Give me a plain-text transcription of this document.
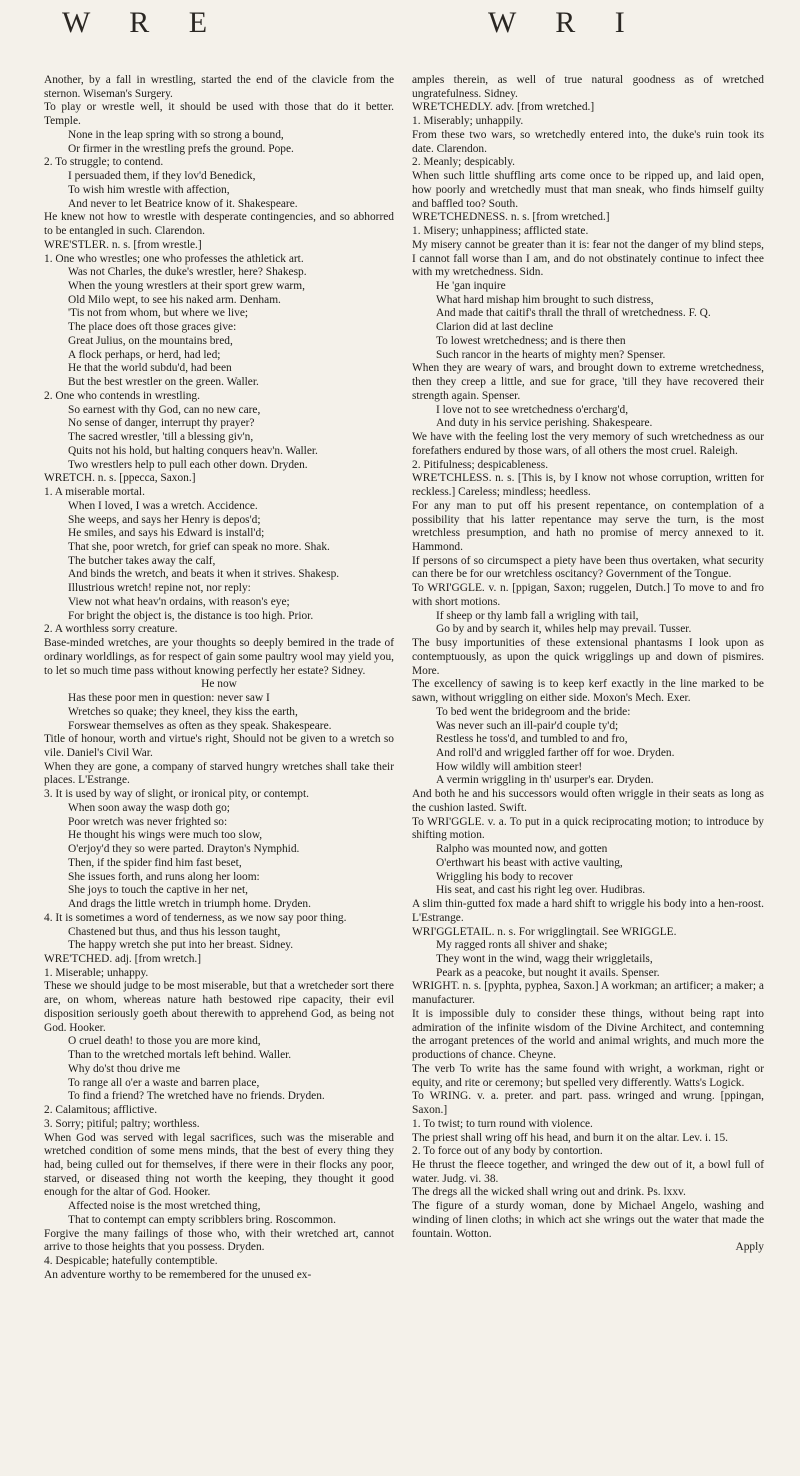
W R E	W R I

Another, by a fall in wrestling, started the end of the clavicle from the sternon. Wiseman's Surgery.

To play or wrestle well, it should be used with those that do it better. Temple.

None in the leap spring with so strong a bound,

Or firmer in the wrestling prefs the ground. Pope.

2. To struggle; to contend.

I persuaded them, if they lov'd Benedick,

To wish him wrestle with affection,

And never to let Beatrice know of it. Shakespeare.

He knew not how to wrestle with desperate contingencies, and so abhorred to be entangled in such. Clarendon.

WRE'STLER. n. s. [from wrestle.]

1. One who wrestles; one who professes the athletick art.

Was not Charles, the duke's wrestler, here? Shakesp.

When the young wrestlers at their sport grew warm,

Old Milo wept, to see his naked arm. Denham.

'Tis not from whom, but where we live;

The place does oft those graces give:

Great Julius, on the mountains bred,

A flock perhaps, or herd, had led;

He that the world subdu'd, had been

But the best wrestler on the green. Waller.

2. One who contends in wrestling.

So earnest with thy God, can no new care,

No sense of danger, interrupt thy prayer?

The sacred wrestler, 'till a blessing giv'n,

Quits not his hold, but halting conquers heav'n. Waller.

Two wrestlers help to pull each other down. Dryden.

WRETCH. n. s. [ppecca, Saxon.]

1. A miserable mortal.

When I loved, I was a wretch. Accidence.

She weeps, and says her Henry is depos'd;

He smiles, and says his Edward is install'd;

That she, poor wretch, for grief can speak no more. Shak.

The butcher takes away the calf,

And binds the wretch, and beats it when it strives. Shakesp.

Illustrious wretch! repine not, nor reply:

View not what heav'n ordains, with reason's eye;

For bright the object is, the distance is too high. Prior.

2. A worthless sorry creature.

Base-minded wretches, are your thoughts so deeply bemired in the trade of ordinary worldlings, as for respect of gain some paultry wool may yield you, to let so much time pass without knowing perfectly her estate? Sidney.

He now

Has these poor men in question: never saw I

Wretches so quake; they kneel, they kiss the earth,

Forswear themselves as often as they speak. Shakespeare.

Title of honour, worth and virtue's right, Should not be given to a wretch so vile. Daniel's Civil War.

When they are gone, a company of starved hungry wretches shall take their places. L'Estrange.

3. It is used by way of slight, or ironical pity, or contempt.

When soon away the wasp doth go;

Poor wretch was never frighted so:

He thought his wings were much too slow,

O'erjoy'd they so were parted. Drayton's Nymphid.

Then, if the spider find him fast beset,

She issues forth, and runs along her loom:

She joys to touch the captive in her net,

And drags the little wretch in triumph home. Dryden.

4. It is sometimes a word of tenderness, as we now say poor thing.

Chastened but thus, and thus his lesson taught,

The happy wretch she put into her breast. Sidney.

WRE'TCHED. adj. [from wretch.]

1. Miserable; unhappy.

These we should judge to be most miserable, but that a wretcheder sort there are, on whom, whereas nature hath bestowed ripe capacity, their evil disposition seriously goeth about therewith to apprehend God, as being not God. Hooker.

O cruel death! to those you are more kind,

Than to the wretched mortals left behind. Waller.

Why do'st thou drive me

To range all o'er a waste and barren place,

To find a friend? The wretched have no friends. Dryden.

2. Calamitous; afflictive.

3. Sorry; pitiful; paltry; worthless.

When God was served with legal sacrifices, such was the miserable and wretched condition of some mens minds, that the best of every thing they had, being culled out for themselves, if there were in their flocks any poor, starved, or diseased thing not worth the keeping, they thought it good enough for the altar of God. Hooker.

Affected noise is the most wretched thing,

That to contempt can empty scribblers bring. Roscommon.

Forgive the many failings of those who, with their wretched art, cannot arrive to those heights that you possess. Dryden.

4. Despicable; hatefully contemptible.

An adventure worthy to be remembered for the unused ex-

amples therein, as well of true natural goodness as of wretched ungratefulness. Sidney.

WRE'TCHEDLY. adv. [from wretched.]

1. Miserably; unhappily.

From these two wars, so wretchedly entered into, the duke's ruin took its date. Clarendon.

2. Meanly; despicably.

When such little shuffling arts come once to be ripped up, and laid open, how poorly and wretchedly must that man sneak, who finds himself guilty and baffled too? South.

WRE'TCHEDNESS. n. s. [from wretched.]

1. Misery; unhappiness; afflicted state.

My misery cannot be greater than it is: fear not the danger of my blind steps, I cannot fall worse than I am, and do not obstinately continue to infect thee with my wretchedness. Sidn.

He 'gan inquire

What hard mishap him brought to such distress,

And made that caitif's thrall the thrall of wretchedness. F. Q.

Clarion did at last decline

To lowest wretchedness; and is there then

Such rancor in the hearts of mighty men? Spenser.

When they are weary of wars, and brought down to extreme wretchedness, then they creep a little, and sue for grace, 'till they have recovered their strength again. Spenser.

I love not to see wretchedness o'ercharg'd,

And duty in his service perishing. Shakespeare.

We have with the feeling lost the very memory of such wretchedness as our forefathers endured by those wars, of all others the most cruel. Raleigh.

2. Pitifulness; despicableness.

WRE'TCHLESS. n. s. [This is, by I know not whose corruption, written for reckless.] Careless; mindless; heedless.

For any man to put off his present repentance, on contemplation of a possibility that his latter repentance may serve the turn, is the most wretchless presumption, and hath no promise of mercy annexed to it. Hammond.

If persons of so circumspect a piety have been thus overtaken, what security can there be for our wretchless oscitancy? Government of the Tongue.

To WRI'GGLE. v. n. [ppigan, Saxon; ruggelen, Dutch.] To move to and fro with short motions.

If sheep or thy lamb fall a wrigling with tail,

Go by and by search it, whiles help may prevail. Tusser.

The busy importunities of these extensional phantasms I look upon as contemptuously, as upon the quick wrigglings up and down of pismires. More.

The excellency of sawing is to keep kerf exactly in the line marked to be sawn, without wriggling on either side. Moxon's Mech. Exer.

To bed went the bridegroom and the bride:

Was never such an ill-pair'd couple ty'd;

Restless he toss'd, and tumbled to and fro,

And roll'd and wriggled farther off for woe. Dryden.

How wildly will ambition steer!

A vermin wriggling in th' usurper's ear. Dryden.

And both he and his successors would often wriggle in their seats as long as the cushion lasted. Swift.

To WRI'GGLE. v. a. To put in a quick reciprocating motion; to introduce by shifting motion.

Ralpho was mounted now, and gotten

O'erthwart his beast with active vaulting,

Wriggling his body to recover

His seat, and cast his right leg over. Hudibras.

A slim thin-gutted fox made a hard shift to wriggle his body into a hen-roost. L'Estrange.

WRI'GGLETAIL. n. s. For wrigglingtail. See WRIGGLE.

My ragged ronts all shiver and shake;

They wont in the wind, wagg their wriggletails,

Peark as a peacoke, but nought it avails. Spenser.

WRIGHT. n. s. [pyphta, pyphea, Saxon.] A workman; an artificer; a maker; a manufacturer.

It is impossible duly to consider these things, without being rapt into admiration of the infinite wisdom of the Divine Architect, and contemning the arrogant pretences of the world and animal wrights, and much more the productions of chance. Cheyne.

The verb To write has the same found with wright, a workman, right or equity, and rite or ceremony; but spelled very differently. Watts's Logick.

To WRING. v. a. preter. and part. pass. wringed and wrung. [ppingan, Saxon.]

1. To twist; to turn round with violence.

The priest shall wring off his head, and burn it on the altar. Lev. i. 15.

2. To force out of any body by contortion.

He thrust the fleece together, and wringed the dew out of it, a bowl full of water. Judg. vi. 38.

The dregs all the wicked shall wring out and drink. Ps. lxxv.

The figure of a sturdy woman, done by Michael Angelo, washing and winding of linen cloths; in which act she wrings out the water that made the fountain. Wotton.

Apply
